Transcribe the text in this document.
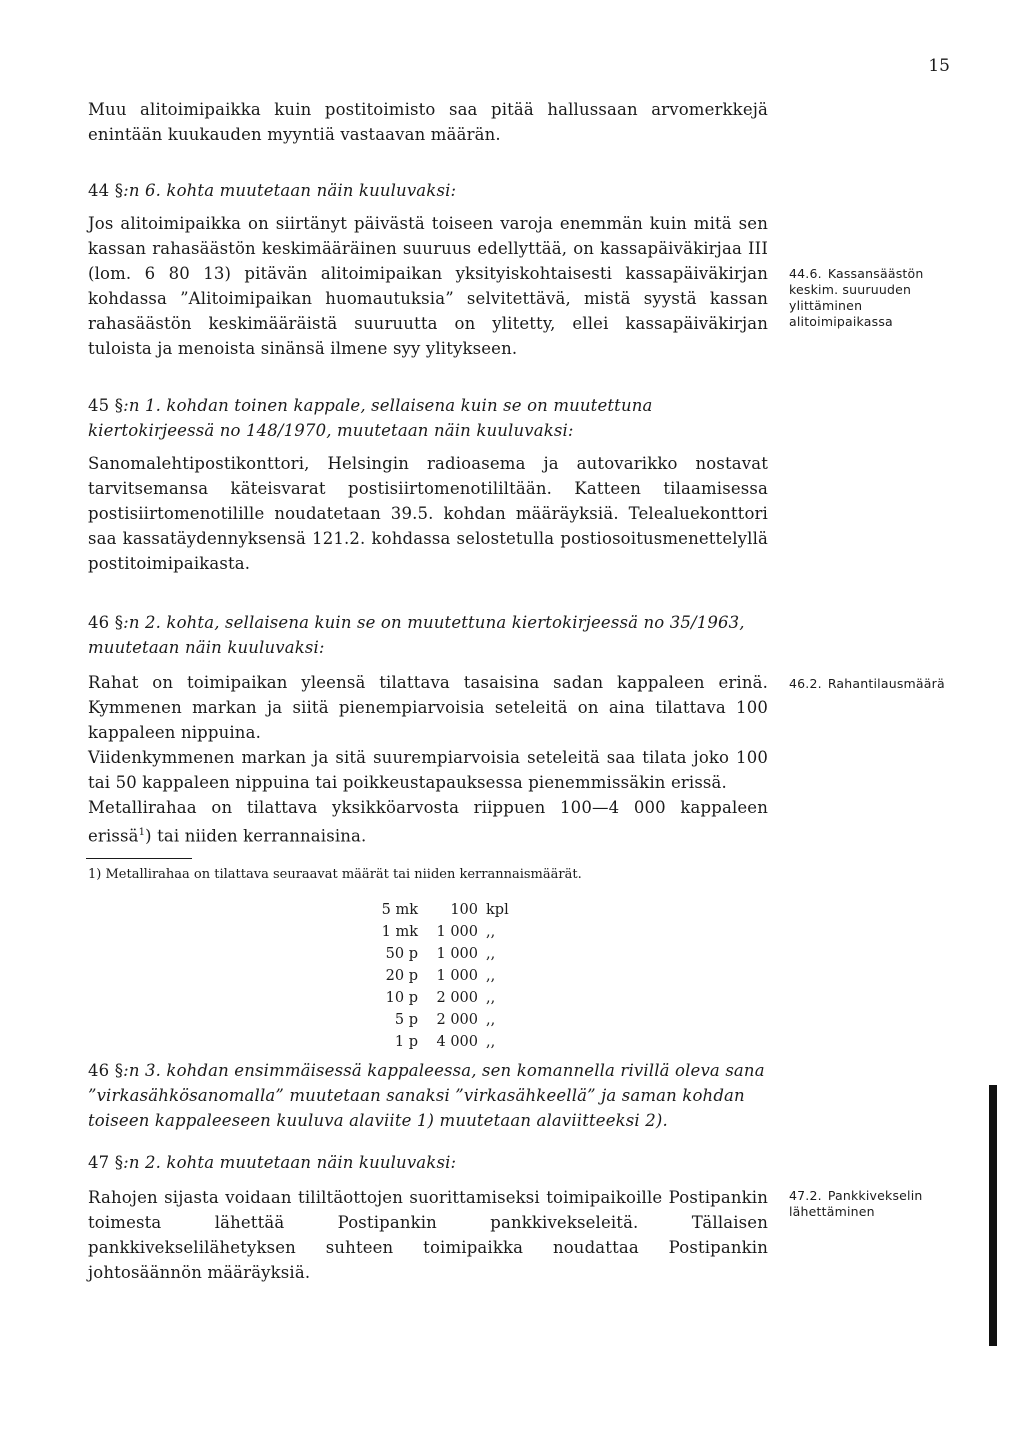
15

Muu alitoimipaikka kuin postitoimisto saa pitää hallussaan arvomerkkejä enintään kuukauden myyntiä vastaavan määrän.

44 §:n 6. kohta muutetaan näin kuuluvaksi:

Jos alitoimipaikka on siirtänyt päivästä toiseen varoja enemmän kuin mitä sen kassan rahasäästön keskimääräinen suuruus edellyttää, on kassapäiväkirjaa III (lom. 6 80 13) pitävän alitoimipaikan yksityiskohtaisesti kassapäiväkirjan kohdassa ”Alitoimipaikan huomautuksia” selvitettävä, mistä syystä kassan rahasäästön keskimääräistä suuruutta on ylitetty, ellei kassapäiväkirjan tuloista ja menoista sinänsä ilmene syy ylitykseen.

44.6. Kassansäästön keskim. suuruuden ylittäminen alitoimipaikassa

45 §:n 1. kohdan toinen kappale, sellaisena kuin se on muutettuna kiertokirjeessä no 148/1970, muutetaan näin kuuluvaksi:

Sanomalehtipostikonttori, Helsingin radioasema ja autovarikko nostavat tarvitsemansa käteisvarat postisiirtomenotililtään. Katteen tilaamisessa postisiirtomenotilille noudatetaan 39.5. kohdan määräyksiä. Telealuekonttori saa kassatäydennyksensä 121.2. kohdassa selostetulla postiosoitusmenettelyllä postitoimipaikasta.

46 §:n 2. kohta, sellaisena kuin se on muutettuna kiertokirjeessä no 35/1963, muutetaan näin kuuluvaksi:

Rahat on toimipaikan yleensä tilattava tasaisina sadan kappaleen erinä. Kymmenen markan ja siitä pienempiarvoisia seteleitä on aina tilattava 100 kappaleen nippuina.

Viidenkymmenen markan ja sitä suurempiarvoisia seteleitä saa tilata joko 100 tai 50 kappaleen nippuina tai poikkeustapauksessa pienemmissäkin erissä.

Metallirahaa on tilattava yksikköarvosta riippuen 100—4 000 kappaleen erissä$^1$) tai niiden kerrannaisina.

46.2. Rahantilausmäärä
1) Metallirahaa on tilattava seuraavat määrät tai niiden kerrannaismäärät.
5 mk	100	kpl
1 mk	1 000	,,
50 p	1 000	,,
20 p	1 000	,,
10 p	2 000	,,
5 p	2 000	,,
1 p	4 000	,,

46 §:n 3. kohdan ensimmäisessä kappaleessa, sen komannella rivillä oleva sana ”virkasähkösanomalla” muutetaan sanaksi ”virkasähkeellä” ja saman kohdan toiseen kappaleeseen kuuluva alaviite 1) muutetaan alaviitteeksi 2).

47 §:n 2. kohta muutetaan näin kuuluvaksi:

Rahojen sijasta voidaan tililtäottojen suorittamiseksi toimipaikoille Postipankin toimesta lähettää Postipankin pankkivekseleitä. Tällaisen pankkivekselilähetyksen suhteen toimipaikka noudattaa Postipankin johtosäännön määräyksiä.

47.2. Pankkivekselin lähettäminen
